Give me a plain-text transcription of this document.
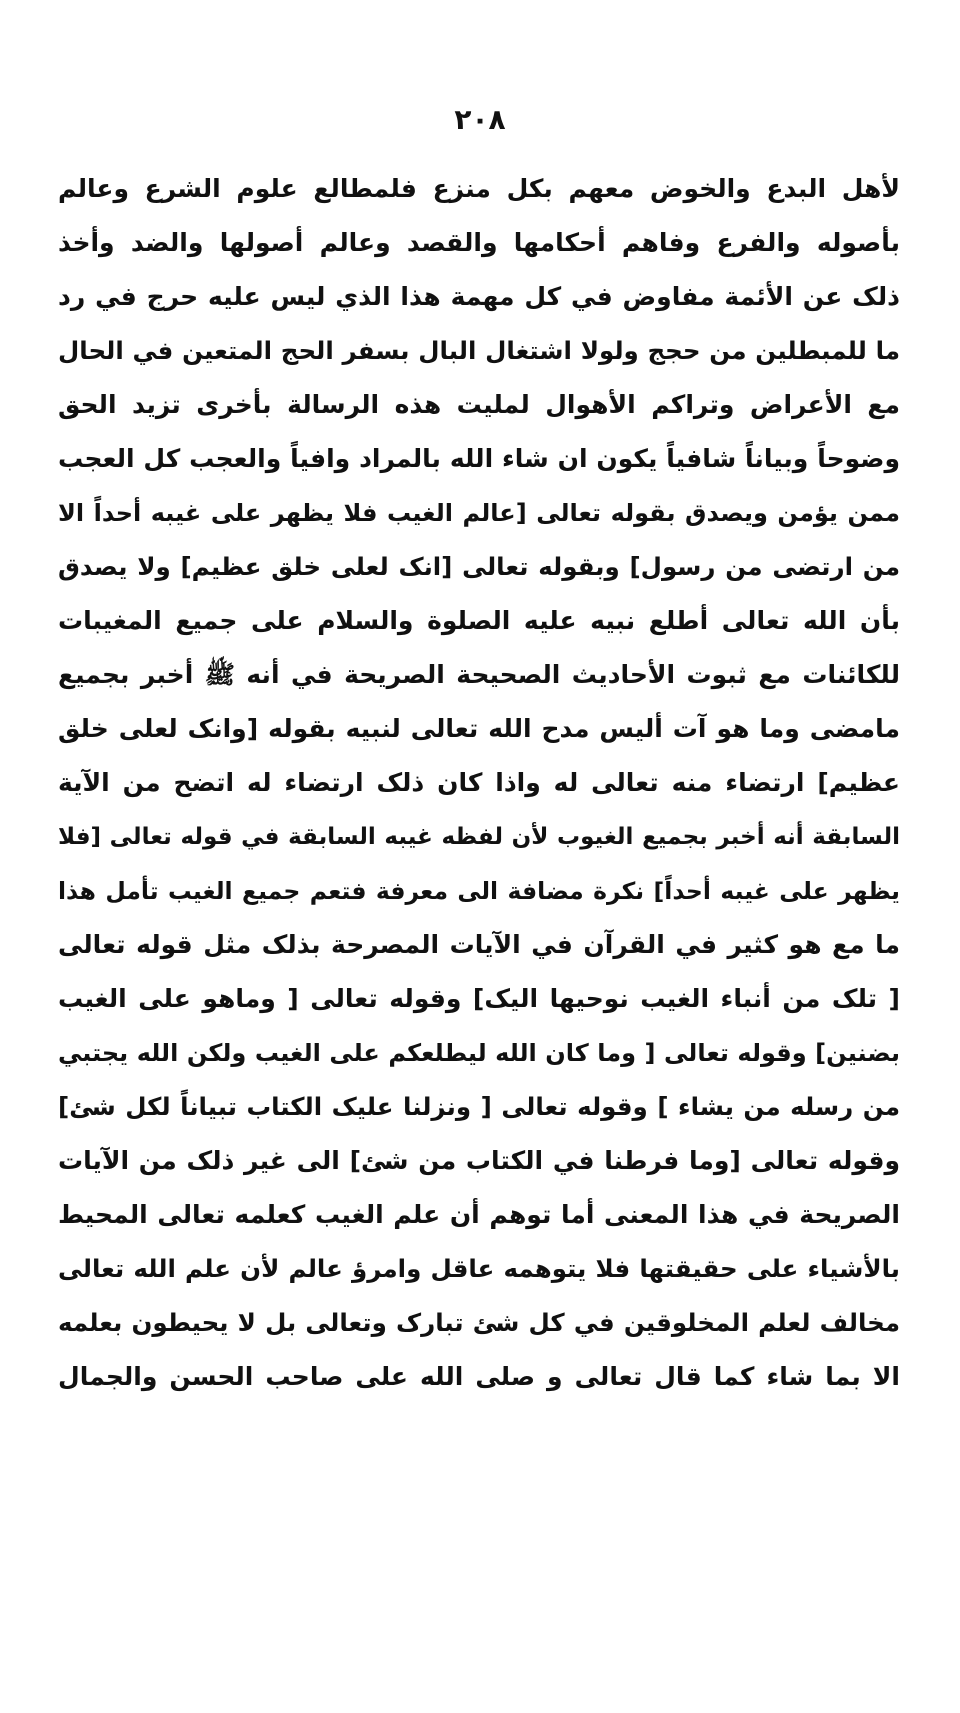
۲۰۸
لأهل البدع والخوض معهم بكل منزع فلمطالع علوم الشرع وعالم
بأصوله والفرع وفاهم أحكامها والقصد وعالم أصولها والضد وأخذ
ذلک عن الأئمة مفاوض في كل مهمة هذا الذي ليس عليه حرج في رد
ما للمبطلين من حجج ولولا اشتغال البال بسفر الحج المتعين في الحال
مع الأعراض وتراكم الأهوال لمليت هذه الرسالة بأخرى تزيد الحق
وضوحاً وبياناً شافياً يكون ان شاء الله بالمراد وافياً والعجب كل العجب
ممن يؤمن ويصدق بقوله تعالى [عالم الغيب فلا يظهر على غيبه أحداً الا
من ارتضى من رسول] وبقوله تعالى [انک لعلى خلق عظيم] ولا يصدق
بأن الله تعالى أطلع نبيه عليه الصلوة والسلام على جميع المغيبات
للكائنات مع ثبوت الأحاديث الصحيحة الصريحة في أنه ﷺ أخبر بجميع
مامضى وما هو آت أليس مدح الله تعالى لنبيه بقوله [وانک لعلى خلق
عظيم] ارتضاء منه تعالى له واذا كان ذلک ارتضاء له اتضح من الآية
السابقة أنه أخبر بجميع الغيوب لأن لفظه غيبه السابقة في قوله تعالى [فلا
يظهر على غيبه أحداً] نكرة مضافة الى معرفة فتعم جميع الغيب تأمل هذا
ما مع هو كثير في القرآن في الآيات المصرحة بذلک مثل قوله تعالى
[ تلک من أنباء الغيب نوحيها اليک] وقوله تعالى [ وماهو على الغيب
بضنين] وقوله تعالى [ وما كان الله ليطلعكم على الغيب ولكن الله يجتبي
من رسله من يشاء ] وقوله تعالى [ ونزلنا عليک الكتاب تبياناً لكل شئ]
وقوله تعالى [وما فرطنا في الكتاب من شئ] الى غير ذلک من الآيات
الصريحة في هذا المعنى أما توهم أن علم الغيب كعلمه تعالى المحيط
بالأشياء على حقيقتها فلا يتوهمه عاقل وامرؤ عالم لأن علم الله تعالى
مخالف لعلم المخلوقين في كل شئ تبارک وتعالى بل لا يحيطون بعلمه
الا بما شاء كما قال تعالى و صلى الله على صاحب الحسن والجمال
